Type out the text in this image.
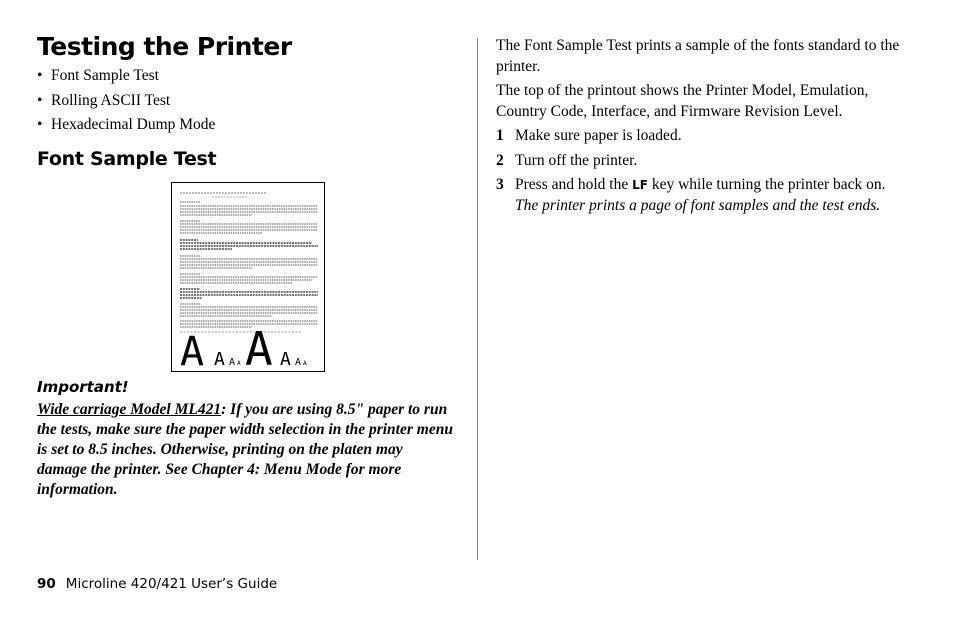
Testing the Printer
• Font Sample Test
• Rolling ASCII Test
• Hexadecimal Dump Mode
Font Sample Test
A A A A A A A A
Important!
Wide carriage Model ML421: If you are using 8.5" paper to run the tests, make sure the paper width selection in the printer menu is set to 8.5 inches. Otherwise, printing on the platen may damage the printer. See Chapter 4: Menu Mode for more information.

The Font Sample Test prints a sample of the fonts standard to the printer.

The top of the printout shows the Printer Model, Emulation, Country Code, Interface, and Firmware Revision Level.

1 Make sure paper is loaded.
2 Turn off the printer.
3 Press and hold the LF key while turning the printer back on.
The printer prints a page of font samples and the test ends.
90 Microline 420/421 User’s Guide
